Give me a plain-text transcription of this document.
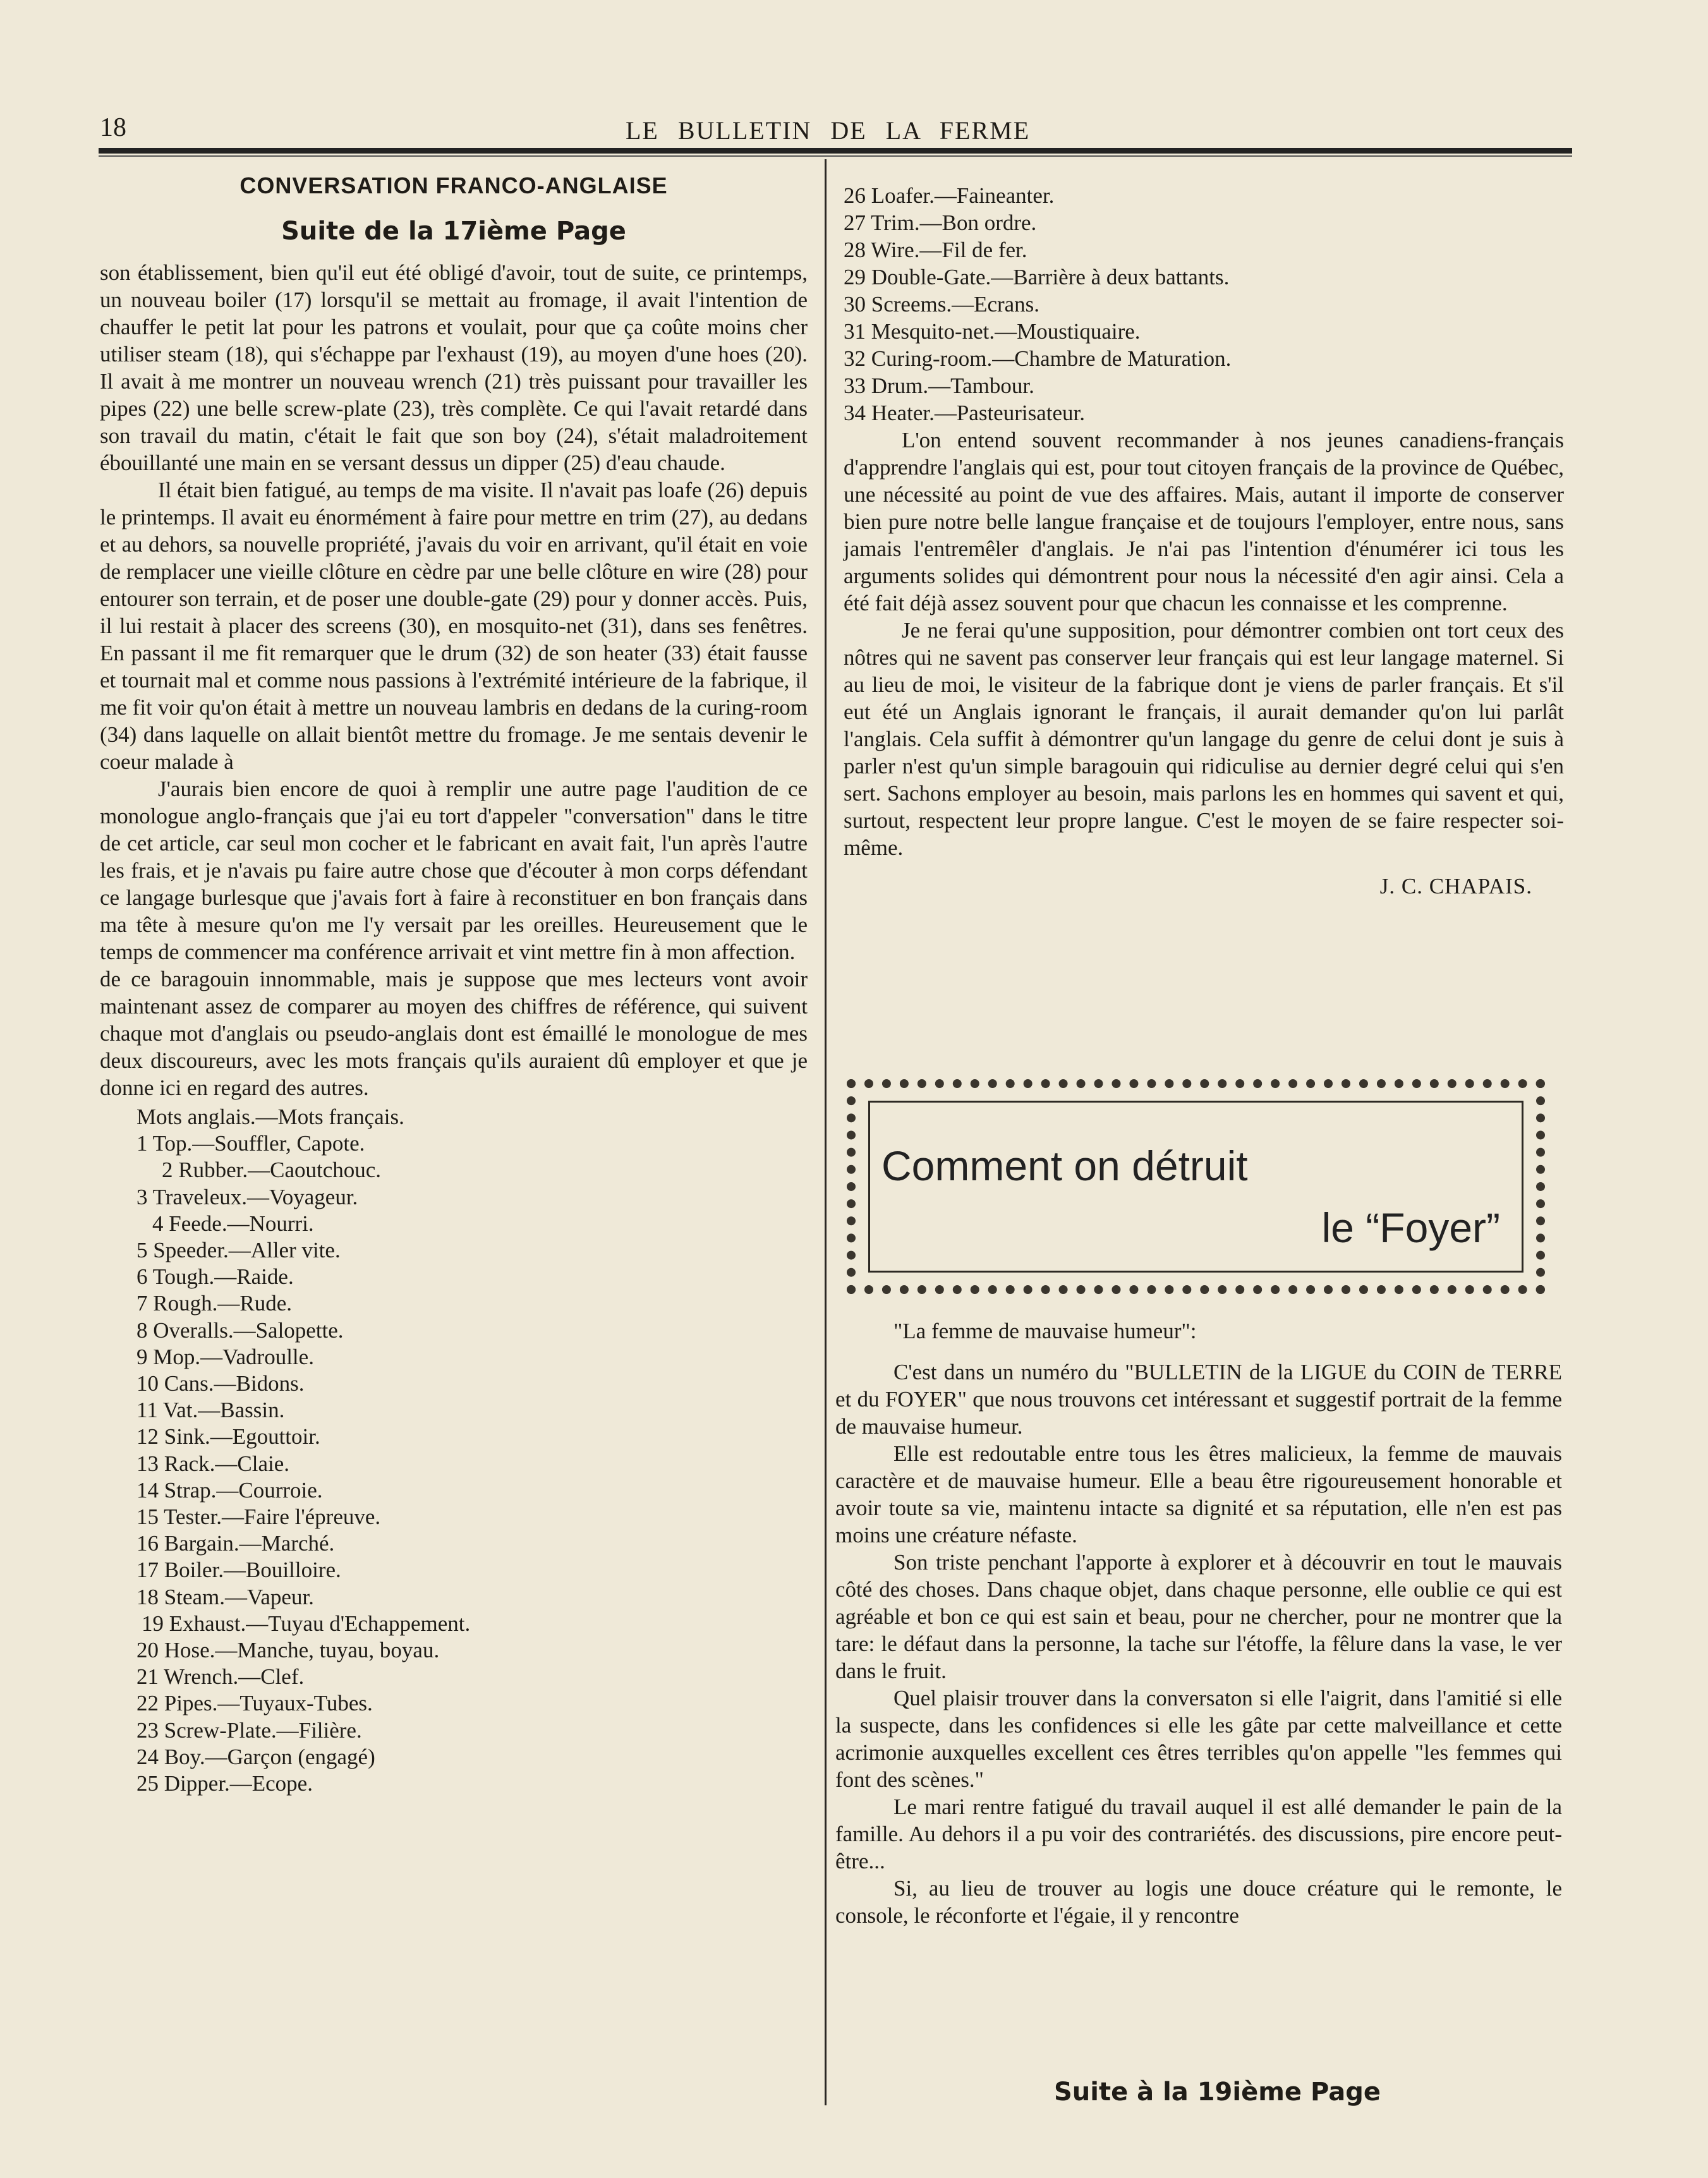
18	LE BULLETIN DE LA FERME
CONVERSATION FRANCO-ANGLAISE
Suite de la 17ième Page

son établissement, bien qu'il eut été obligé d'avoir, tout de suite, ce printemps, un nouveau boiler (17) lorsqu'il se mettait au fromage, il avait l'intention de chauffer le petit lat pour les patrons et voulait, pour que ça coûte moins cher utiliser steam (18), qui s'échappe par l'exhaust (19), au moyen d'une hoes (20). Il avait à me montrer un nouveau wrench (21) très puissant pour travailler les pipes (22) une belle screw-plate (23), très complète. Ce qui l'avait retardé dans son travail du matin, c'était le fait que son boy (24), s'était maladroitement ébouillanté une main en se versant dessus un dipper (25) d'eau chaude.

Il était bien fatigué, au temps de ma visite. Il n'avait pas loafe (26) depuis le printemps. Il avait eu énormément à faire pour mettre en trim (27), au dedans et au dehors, sa nouvelle propriété, j'avais du voir en arrivant, qu'il était en voie de remplacer une vieille clôture en cèdre par une belle clôture en wire (28) pour entourer son terrain, et de poser une double-gate (29) pour y donner accès. Puis, il lui restait à placer des screens (30), en mosquito-net (31), dans ses fenêtres. En passant il me fit remarquer que le drum (32) de son heater (33) était fausse et tournait mal et comme nous passions à l'extrémité intérieure de la fabrique, il me fit voir qu'on était à mettre un nouveau lambris en dedans de la curing-room (34) dans laquelle on allait bientôt mettre du fromage. Je me sentais devenir le coeur malade à

J'aurais bien encore de quoi à remplir une autre page l'audition de ce monologue anglo-français que j'ai eu tort d'appeler "conversation" dans le titre de cet article, car seul mon cocher et le fabricant en avait fait, l'un après l'autre les frais, et je n'avais pu faire autre chose que d'écouter à mon corps défendant ce langage burlesque que j'avais fort à faire à reconstituer en bon français dans ma tête à mesure qu'on me l'y versait par les oreilles. Heureusement que le temps de commencer ma conférence arrivait et vint mettre fin à mon affection.

de ce baragouin innommable, mais je suppose que mes lecteurs vont avoir maintenant assez de comparer au moyen des chiffres de référence, qui suivent chaque mot d'anglais ou pseudo-anglais dont est émaillé le monologue de mes deux discoureurs, avec les mots français qu'ils auraient dû employer et que je donne ici en regard des autres.

Mots anglais.—Mots français.
1 Top.—Souffler, Capote.
2 Rubber.—Caoutchouc.
3 Traveleux.—Voyageur.
4 Feede.—Nourri.
5 Speeder.—Aller vite.
6 Tough.—Raide.
7 Rough.—Rude.
8 Overalls.—Salopette.
9 Mop.—Vadroulle.
10 Cans.—Bidons.
11 Vat.—Bassin.
12 Sink.—Egouttoir.
13 Rack.—Claie.
14 Strap.—Courroie.
15 Tester.—Faire l'épreuve.
16 Bargain.—Marché.
17 Boiler.—Bouilloire.
18 Steam.—Vapeur.
19 Exhaust.—Tuyau d'Echappement.
20 Hose.—Manche, tuyau, boyau.
21 Wrench.—Clef.
22 Pipes.—Tuyaux-Tubes.
23 Screw-Plate.—Filière.
24 Boy.—Garçon (engagé)
25 Dipper.—Ecope.
26 Loafer.—Faineanter.
27 Trim.—Bon ordre.
28 Wire.—Fil de fer.
29 Double-Gate.—Barrière à deux battants.
30 Screems.—Ecrans.
31 Mesquito-net.—Moustiquaire.
32 Curing-room.—Chambre de Maturation.
33 Drum.—Tambour.
34 Heater.—Pasteurisateur.

L'on entend souvent recommander à nos jeunes canadiens-français d'apprendre l'anglais qui est, pour tout citoyen français de la province de Québec, une nécessité au point de vue des affaires. Mais, autant il importe de conserver bien pure notre belle langue française et de toujours l'employer, entre nous, sans jamais l'entremêler d'anglais. Je n'ai pas l'intention d'énumérer ici tous les arguments solides qui démontrent pour nous la nécessité d'en agir ainsi. Cela a été fait déjà assez souvent pour que chacun les connaisse et les comprenne.

Je ne ferai qu'une supposition, pour démontrer combien ont tort ceux des nôtres qui ne savent pas conserver leur français qui est leur langage maternel. Si au lieu de moi, le visiteur de la fabrique dont je viens de parler français. Et s'il eut été un Anglais ignorant le français, il aurait demander qu'on lui parlât l'anglais. Cela suffit à démontrer qu'un langage du genre de celui dont je suis à parler n'est qu'un simple baragouin qui ridiculise au dernier degré celui qui s'en sert. Sachons employer au besoin, mais parlons les en hommes qui savent et qui, surtout, respectent leur propre langue. C'est le moyen de se faire respecter soi-même.

J. C. CHAPAIS.
Comment on détruit
le “Foyer”

"La femme de mauvaise humeur":

C'est dans un numéro du "BULLETIN de la LIGUE du COIN de TERRE et du FOYER" que nous trouvons cet intéressant et suggestif portrait de la femme de mauvaise humeur.

Elle est redoutable entre tous les êtres malicieux, la femme de mauvais caractère et de mauvaise humeur. Elle a beau être rigoureusement honorable et avoir toute sa vie, maintenu intacte sa dignité et sa réputation, elle n'en est pas moins une créature néfaste.

Son triste penchant l'apporte à explorer et à découvrir en tout le mauvais côté des choses. Dans chaque objet, dans chaque personne, elle oublie ce qui est agréable et bon ce qui est sain et beau, pour ne chercher, pour ne montrer que la tare: le défaut dans la personne, la tache sur l'étoffe, la fêlure dans la vase, le ver dans le fruit.

Quel plaisir trouver dans la conversaton si elle l'aigrit, dans l'amitié si elle la suspecte, dans les confidences si elle les gâte par cette malveillance et cette acrimonie auxquelles excellent ces êtres terribles qu'on appelle "les femmes qui font des scènes."

Le mari rentre fatigué du travail auquel il est allé demander le pain de la famille. Au dehors il a pu voir des contrariétés. des discussions, pire encore peut-être...

Si, au lieu de trouver au logis une douce créature qui le remonte, le console, le réconforte et l'égaie, il y rencontre

Suite à la 19ième Page
